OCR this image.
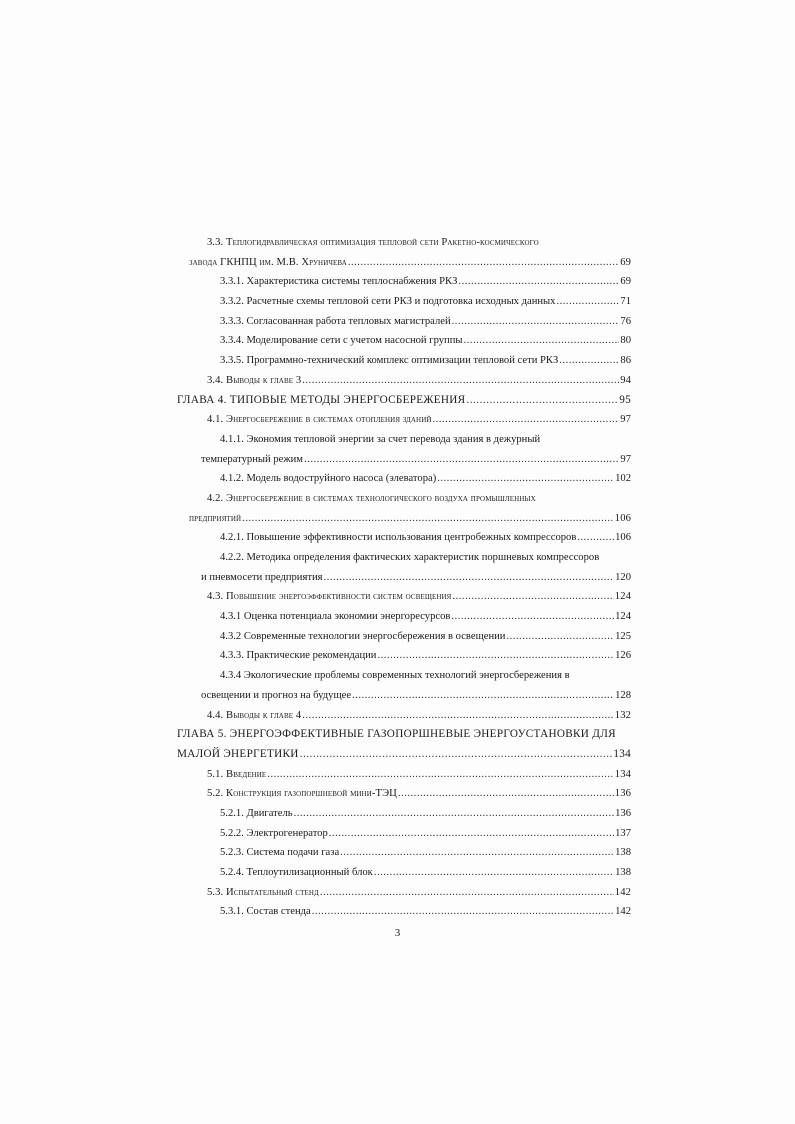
3.3. Теплогидравлическая оптимизация тепловой сети Ракетно-космического
завода ГКНПЦ им. М.В. Хруничева .....	69
3.3.1. Характеристика системы теплоснабжения РКЗ .....	69
3.3.2. Расчетные схемы тепловой сети РКЗ и подготовка исходных данных .....	71
3.3.3. Согласованная работа тепловых магистралей .....	76
3.3.4. Моделирование сети с учетом насосной группы .....	80
3.3.5. Программно-технический комплекс оптимизации тепловой сети РКЗ .....	86
3.4. Выводы к главе 3 .....	94
ГЛАВА 4. ТИПОВЫЕ МЕТОДЫ ЭНЕРГОСБЕРЕЖЕНИЯ .....	95
4.1. Энергосбережение в системах отопления зданий .....	97
4.1.1. Экономия тепловой энергии за счет перевода здания в дежурный
температурный режим .....	97
4.1.2. Модель водоструйного насоса (элеватора) .....	102
4.2. Энергосбережение в системах технологического воздуха промышленных
предприятий .....	106
4.2.1. Повышение эффективности использования центробежных компрессоров .....	106
4.2.2. Методика определения фактических характеристик поршневых компрессоров
и пневмосети предприятия .....	120
4.3. Повышение энергоэффективности систем освещения .....	124
4.3.1 Оценка потенциала экономии энергоресурсов .....	124
4.3.2 Современные технологии энергосбережения в освещении .....	125
4.3.3. Практические рекомендации .....	126
4.3.4 Экологические проблемы современных технологий энергосбережения в
освещении и прогноз на будущее .....	128
4.4. Выводы к главе 4 .....	132
ГЛАВА 5. ЭНЕРГОЭФФЕКТИВНЫЕ ГАЗОПОРШНЕВЫЕ ЭНЕРГОУСТАНОВКИ ДЛЯ
МАЛОЙ ЭНЕРГЕТИКИ .....	134
5.1. Введение .....	134
5.2. Конструкция газопоршневой мини-ТЭЦ .....	136
5.2.1. Двигатель .....	136
5.2.2. Электрогенератор .....	137
5.2.3. Система подачи газа .....	138
5.2.4. Теплоутилизационный блок .....	138
5.3. Испытательный стенд .....	142
5.3.1. Состав стенда .....	142
3
